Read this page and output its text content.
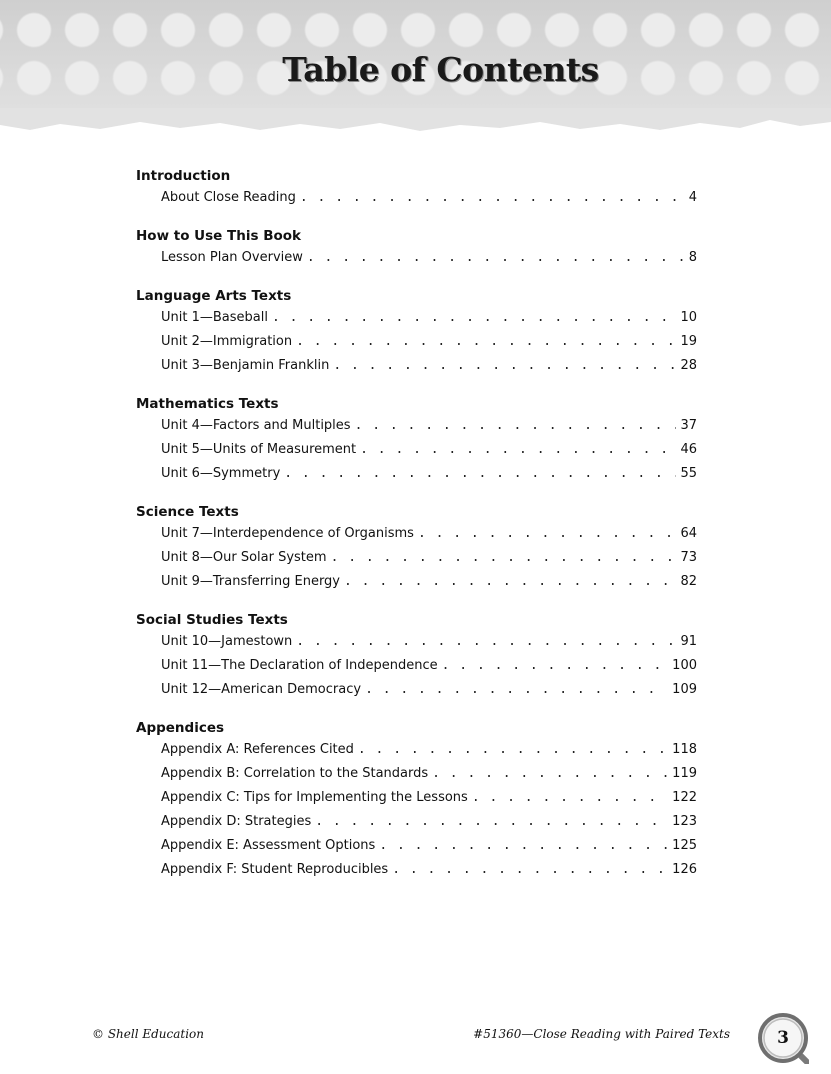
Table of Contents
Introduction
About Close Reading . . .	4
How to Use This Book
Lesson Plan Overview . . .	8
Language Arts Texts
Unit 1—Baseball . . .	10
Unit 2—Immigration . . .	19
Unit 3—Benjamin Franklin . . .	28
Mathematics Texts
Unit 4—Factors and Multiples . . .	37
Unit 5—Units of Measurement . . .	46
Unit 6—Symmetry . . .	55
Science Texts
Unit 7—Interdependence of Organisms . . .	64
Unit 8—Our Solar System . . .	73
Unit 9—Transferring Energy . . .	82
Social Studies Texts
Unit 10—Jamestown . . .	91
Unit 11—The Declaration of Independence . . .	100
Unit 12—American Democracy . . .	109
Appendices
Appendix A: References Cited . . .	118
Appendix B: Correlation to the Standards . . .	119
Appendix C: Tips for Implementing the Lessons . . .	122
Appendix D: Strategies . . .	123
Appendix E: Assessment Options . . .	125
Appendix F: Student Reproducibles . . .	126
© Shell Education	#51360—Close Reading with Paired Texts	3
